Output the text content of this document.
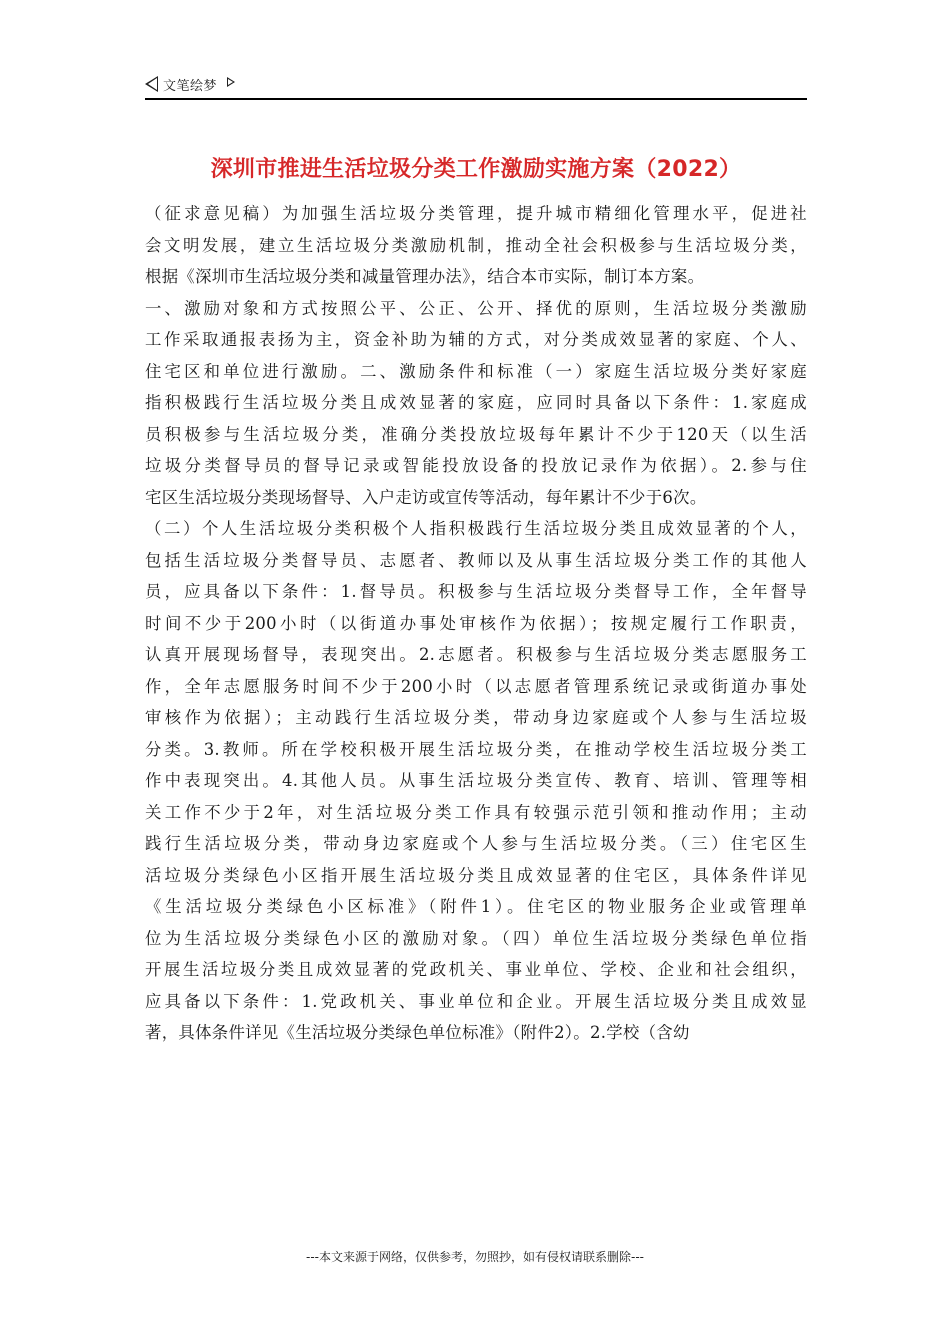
文笔绘梦
深圳市推进生活垃圾分类工作激励实施方案（2022）
（征求意见稿）为加强生活垃圾分类管理，提升城市精细化管理水平，促进社
会文明发展，建立生活垃圾分类激励机制，推动全社会积极参与生活垃圾分类，
根据《深圳市生活垃圾分类和减量管理办法》，结合本市实际，制订本方案。
一、激励对象和方式按照公平、公正、公开、择优的原则，生活垃圾分类激励
工作采取通报表扬为主，资金补助为辅的方式，对分类成效显著的家庭、个人、
住宅区和单位进行激励。二、激励条件和标准（一）家庭生活垃圾分类好家庭
指积极践行生活垃圾分类且成效显著的家庭，应同时具备以下条件：1.家庭成
员积极参与生活垃圾分类，准确分类投放垃圾每年累计不少于120天（以生活
垃圾分类督导员的督导记录或智能投放设备的投放记录作为依据）。2.参与住
宅区生活垃圾分类现场督导、入户走访或宣传等活动，每年累计不少于6次。
（二）个人生活垃圾分类积极个人指积极践行生活垃圾分类且成效显著的个人，
包括生活垃圾分类督导员、志愿者、教师以及从事生活垃圾分类工作的其他人
员，应具备以下条件：1.督导员。积极参与生活垃圾分类督导工作，全年督导
时间不少于200小时（以街道办事处审核作为依据）；按规定履行工作职责，
认真开展现场督导，表现突出。2.志愿者。积极参与生活垃圾分类志愿服务工
作，全年志愿服务时间不少于200小时（以志愿者管理系统记录或街道办事处
审核作为依据）；主动践行生活垃圾分类，带动身边家庭或个人参与生活垃圾
分类。3.教师。所在学校积极开展生活垃圾分类，在推动学校生活垃圾分类工
作中表现突出。4.其他人员。从事生活垃圾分类宣传、教育、培训、管理等相
关工作不少于2年，对生活垃圾分类工作具有较强示范引领和推动作用；主动
践行生活垃圾分类，带动身边家庭或个人参与生活垃圾分类。（三）住宅区生
活垃圾分类绿色小区指开展生活垃圾分类且成效显著的住宅区，具体条件详见
《生活垃圾分类绿色小区标准》（附件1）。住宅区的物业服务企业或管理单
位为生活垃圾分类绿色小区的激励对象。（四）单位生活垃圾分类绿色单位指
开展生活垃圾分类且成效显著的党政机关、事业单位、学校、企业和社会组织，
应具备以下条件：1.党政机关、事业单位和企业。开展生活垃圾分类且成效显
著，具体条件详见《生活垃圾分类绿色单位标准》（附件2）。2.学校（含幼
---本文来源于网络，仅供参考，勿照抄，如有侵权请联系删除---
